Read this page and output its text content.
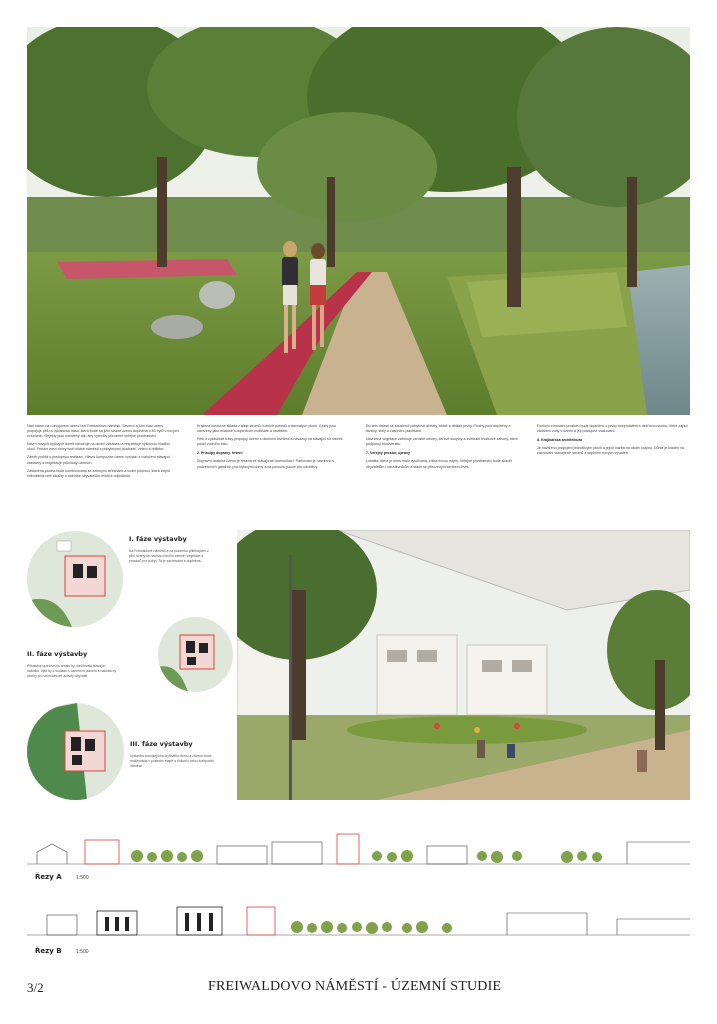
Nad tokem na rozvojovém území leží Freiwaldovo náměstí. Severní a jižní část území propojuje pěší a cyklistická trasa, která bude na jižní straně území doplněna o 83 bytů v nových volumech. Objekty jsou umístěny tak, aby vytvořily přirozené veřejné prostranství.

Návrh nových bytových domů navazuje na okolní zástavbu a respektuje výškovou hladinu okolí. Prostor mezi domy tvoří klidné náměstí s pobytovými plochami, zelení a hřištěm.

Záměr počítá s postupnou realizací. Hlavní kompozice území vychází z rozložení stávající zástavby a respektuje průchody územím.

Zastavěná plocha bude kombinována se zelenými střechami a vodní plochou, která zlepší mikroklima celé lokality a nabídne obyvatelům místo k odpočinku.

Krajinná kostra se skládá z aleje stromů, lužních porostů a travnatých ploch. Cesty jsou navrženy jako mlatové s doplněním mobiliáře a osvětlení.

Pěší a cyklistické trasy propojují území s okolními čtvrtěmi a navazují na stávající síť stezek podél vodního toku.

2. Principy dopravy, řešení

Dopravní obsluha území je řešena ze stávajících komunikací. Parkování je navrženo v podzemních garážích pod bytovými domy a na povrchu pouze pro návštěvy.

Do této oblasti se soustředí pobytové aktivity, hřiště a dětské prvky. Plochy jsou doplněny o lavičky, stoly a zastínění plachtami.

Navržená vegetace zahrnuje vzrostlé stromy, keřové skupiny a květnaté trvalkové záhony, které podporují biodiverzitu.

7. Veřejný prostor, úpravy

Lokalita, která je dnes málo využívaná, získá novou náplň. Veřejné prostranství bude sloužit obyvatelům i návštěvníkům a stane se přirozeným centrem čtvrti.

Funkční zónování prostoru bude doplněno o prvky hospodaření s dešťovou vodou, které zajistí zadržení vody v území a její postupné vsakování.

8. Krajinářská architektura

Je navrženo propojení jednotlivých ploch a jejich vazba na okolní krajinu. Důraz je kladen na zachování stávajících stromů a doplnění nových výsadeb.

I. fáze výstavby
Na Freiwaldově náměstí a na pozemku přiléhajícím z jižní strany se nachází mnoho zeleně, vegetace a prostorů pro pobyt. Ta je zachována a doplněna.
II. fáze výstavby
Přistavba sportovního areálu by rozšiřovala stávající nabídku, byla by v souladu s územním plánem a nabídla by plochy pro volnočasové aktivity obyvatel.
III. fáze výstavby
Vystavba souvisejícího bytového domu a zázemí bude realizována v poslední etapě a dokončí celou kompozici náměstí.
Řezy A	1:500
Řezy B	1:500
3/2	FREIWALDOVO NÁMĚSTÍ - ÚZEMNÍ STUDIE
